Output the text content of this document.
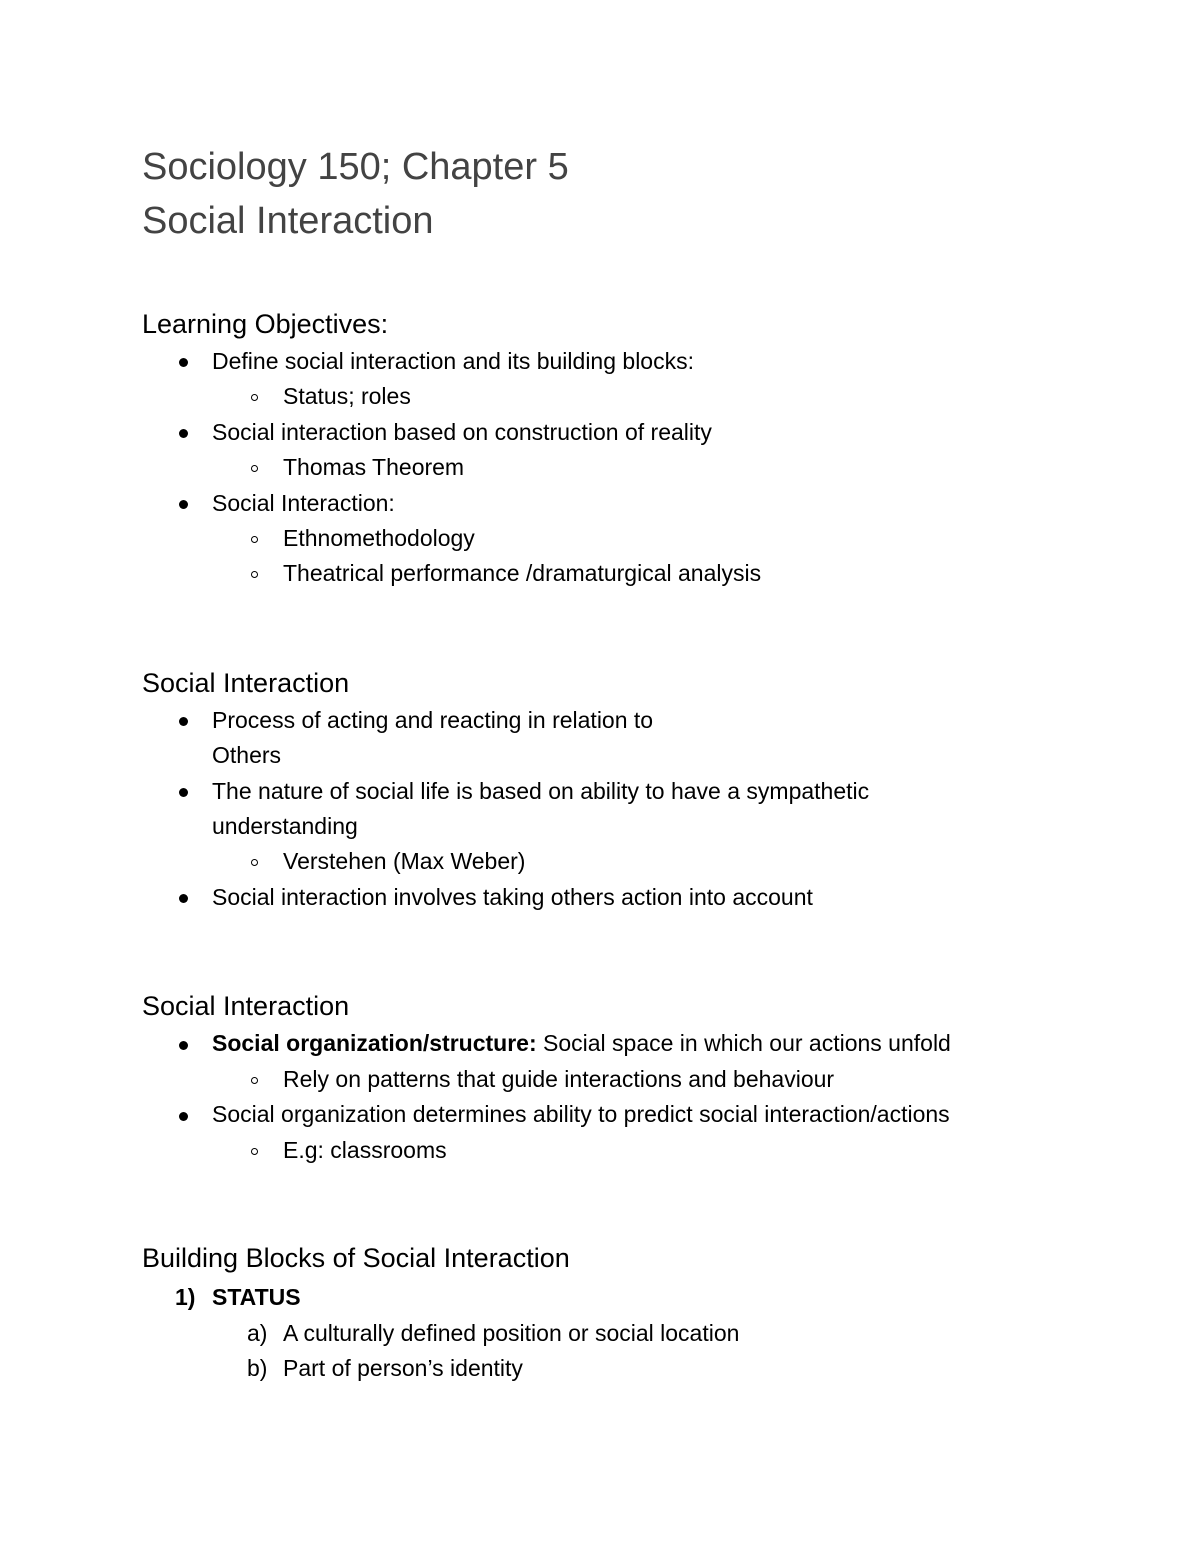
Sociology 150; Chapter 5
Social Interaction
Learning Objectives:
Define social interaction and its building blocks:
Status; roles
Social interaction based on construction of reality
Thomas Theorem
Social Interaction:
Ethnomethodology
Theatrical performance /dramaturgical analysis
Social Interaction
Process of acting and reacting in relation to
Others
The nature of social life is based on ability to have a sympathetic
understanding
Verstehen (Max Weber)
Social interaction involves taking others action into account
Social Interaction
Social organization/structure: Social space in which our actions unfold
Rely on patterns that guide interactions and behaviour
Social organization determines ability to predict social interaction/actions
E.g: classrooms
Building Blocks of Social Interaction
1) STATUS
a) A culturally defined position or social location
b) Part of person’s identity
